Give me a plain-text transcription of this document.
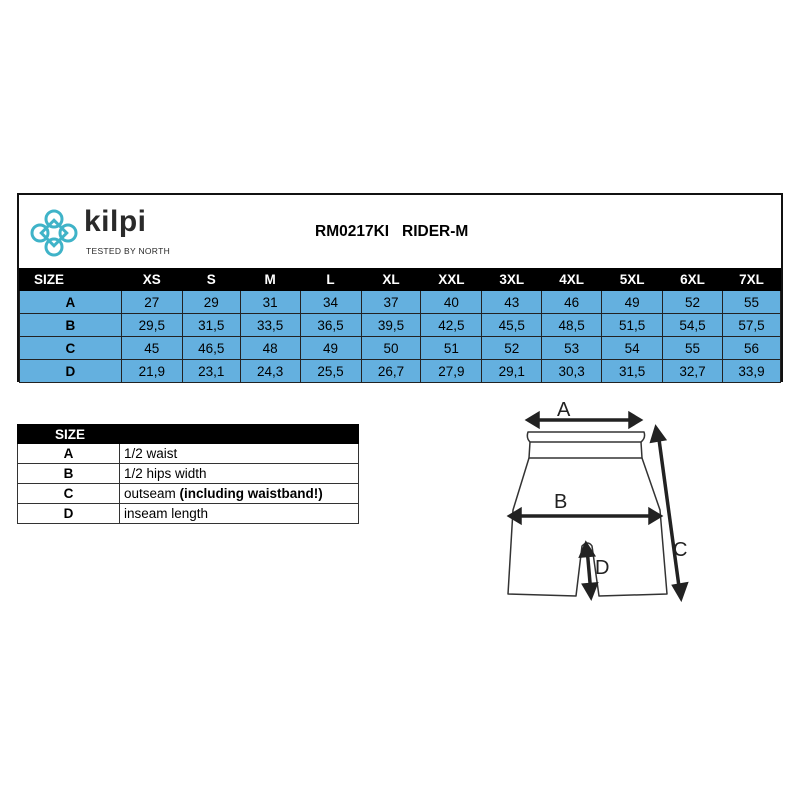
kilpi
TESTED BY NORTH
RM0217KI RIDER-M
SIZE	XS	S	M	L	XL	XXL	3XL	4XL	5XL	6XL	7XL
A	27	29	31	34	37	40	43	46	49	52	55
B	29,5	31,5	33,5	36,5	39,5	42,5	45,5	48,5	51,5	54,5	57,5
C	45	46,5	48	49	50	51	52	53	54	55	56
D	21,9	23,1	24,3	25,5	26,7	27,9	29,1	30,3	31,5	32,7	33,9
SIZE	
A	1/2 waist
B	1/2 hips width
C	outseam (including waistband!)
D	inseam length
A
B
C
D
